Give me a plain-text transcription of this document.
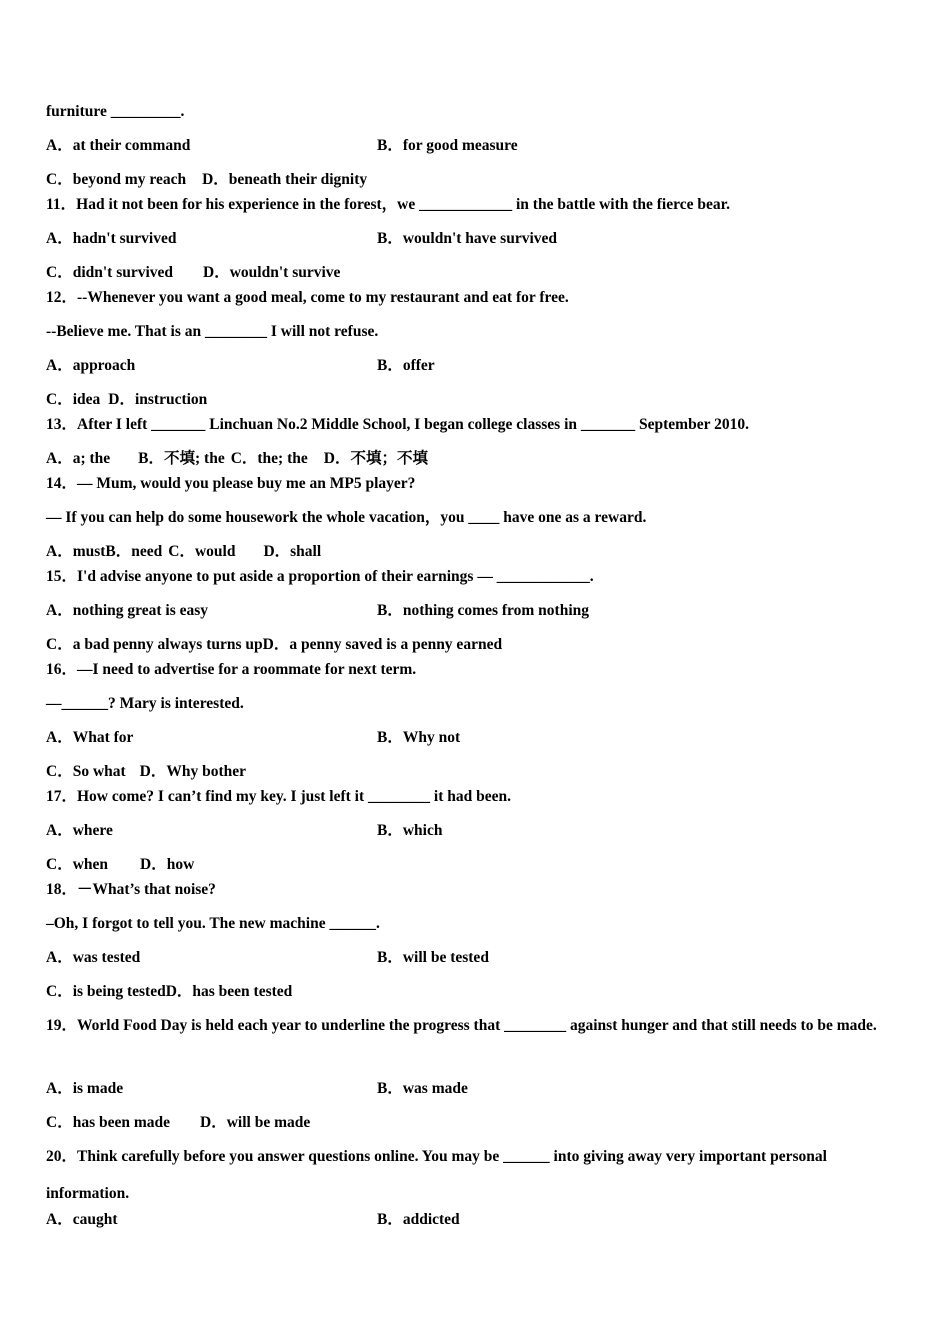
furniture _________.
A．at their command	B．for good measure
C．beyond my reach D．beneath their dignity
11．Had it not been for his experience in the forest，we ____________ in the battle with the fierce bear.
A．hadn't survived	B．wouldn't have survived
C．didn't survived D．wouldn't survive
12．--Whenever you want a good meal, come to my restaurant and eat for free.
--Believe me. That is an ________ I will not refuse.
A．approach	B．offer
C．idea D．instruction
13．After I left _______ Linchuan No.2 Middle School, I began college classes in _______ September 2010.
A．a; the B．不填; the C．the; the D．不填；不填
14．— Mum, would you please buy me an MP5 player?
— If you can help do some housework the whole vacation，you ____ have one as a reward.
A．mustB．need C．would D．shall
15．I'd advise anyone to put aside a proportion of their earnings — ____________.
A．nothing great is easy	B．nothing comes from nothing
C．a bad penny always turns upD．a penny saved is a penny earned
16．—I need to advertise for a roommate for next term.
—______? Mary is interested.
A．What for	B．Why not
C．So what D．Why bother
17．How come? I can’t find my key. I just left it ________ it had been.
A．where	B．which
C．when D．how
18．－What’s that noise?
–Oh, I forgot to tell you. The new machine ______.
A．was tested	B．will be tested
C．is being testedD．has been tested
19．World Food Day is held each year to underline the progress that ________ against hunger and that still needs to be made.
A．is made	B．was made
C．has been made D．will be made
20．Think carefully before you answer questions online. You may be ______ into giving away very important personal information.
A．caught	B．addicted
